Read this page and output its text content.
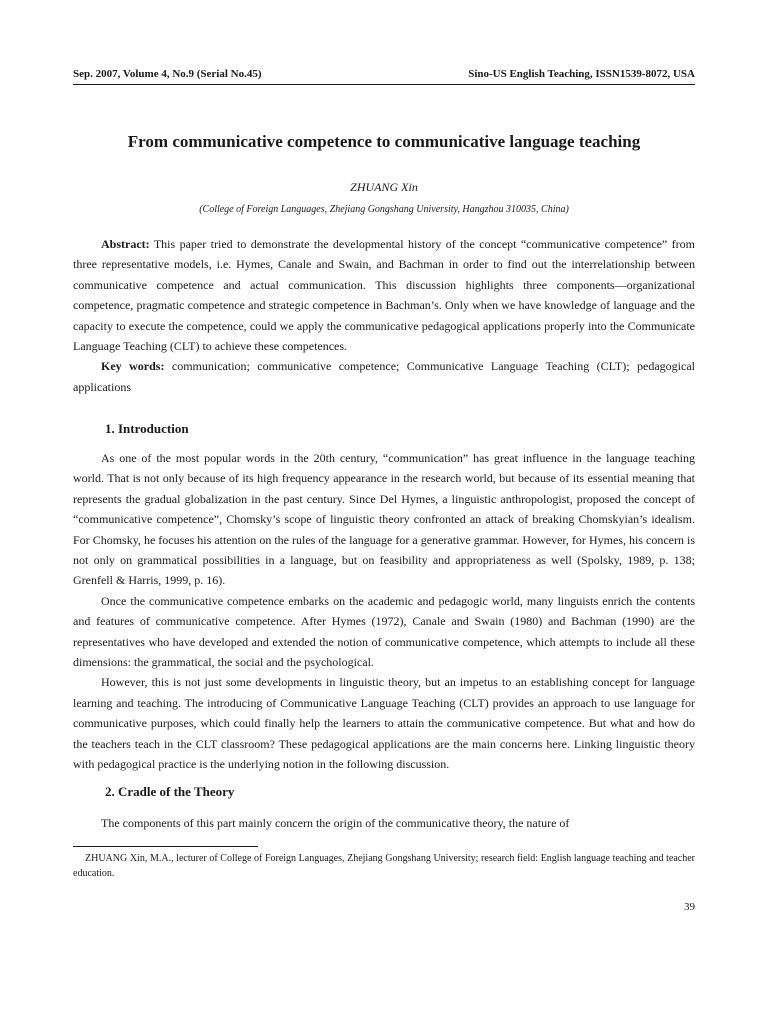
Sep. 2007, Volume 4, No.9 (Serial No.45)	Sino-US English Teaching, ISSN1539-8072, USA
From communicative competence to communicative language teaching
ZHUANG Xin
(College of Foreign Languages, Zhejiang Gongshang University, Hangzhou 310035, China)

Abstract: This paper tried to demonstrate the developmental history of the concept “communicative competence” from three representative models, i.e. Hymes, Canale and Swain, and Bachman in order to find out the interrelationship between communicative competence and actual communication. This discussion highlights three components—organizational competence, pragmatic competence and strategic competence in Bachman’s. Only when we have knowledge of language and the capacity to execute the competence, could we apply the communicative pedagogical applications properly into the Communicate Language Teaching (CLT) to achieve these competences.

Key words: communication; communicative competence; Communicative Language Teaching (CLT); pedagogical applications

1. Introduction

As one of the most popular words in the 20th century, “communication” has great influence in the language teaching world. That is not only because of its high frequency appearance in the research world, but because of its essential meaning that represents the gradual globalization in the past century. Since Del Hymes, a linguistic anthropologist, proposed the concept of “communicative competence”, Chomsky’s scope of linguistic theory confronted an attack of breaking Chomskyian’s idealism. For Chomsky, he focuses his attention on the rules of the language for a generative grammar. However, for Hymes, his concern is not only on grammatical possibilities in a language, but on feasibility and appropriateness as well (Spolsky, 1989, p. 138; Grenfell & Harris, 1999, p. 16).

Once the communicative competence embarks on the academic and pedagogic world, many linguists enrich the contents and features of communicative competence. After Hymes (1972), Canale and Swain (1980) and Bachman (1990) are the representatives who have developed and extended the notion of communicative competence, which attempts to include all these dimensions: the grammatical, the social and the psychological.

However, this is not just some developments in linguistic theory, but an impetus to an establishing concept for language learning and teaching. The introducing of Communicative Language Teaching (CLT) provides an approach to use language for communicative purposes, which could finally help the learners to attain the communicative competence. But what and how do the teachers teach in the CLT classroom? These pedagogical applications are the main concerns here. Linking linguistic theory with pedagogical practice is the underlying notion in the following discussion.

2. Cradle of the Theory

The components of this part mainly concern the origin of the communicative theory, the nature of

ZHUANG Xin, M.A., lecturer of College of Foreign Languages, Zhejiang Gongshang University; research field: English language teaching and teacher education.

39
